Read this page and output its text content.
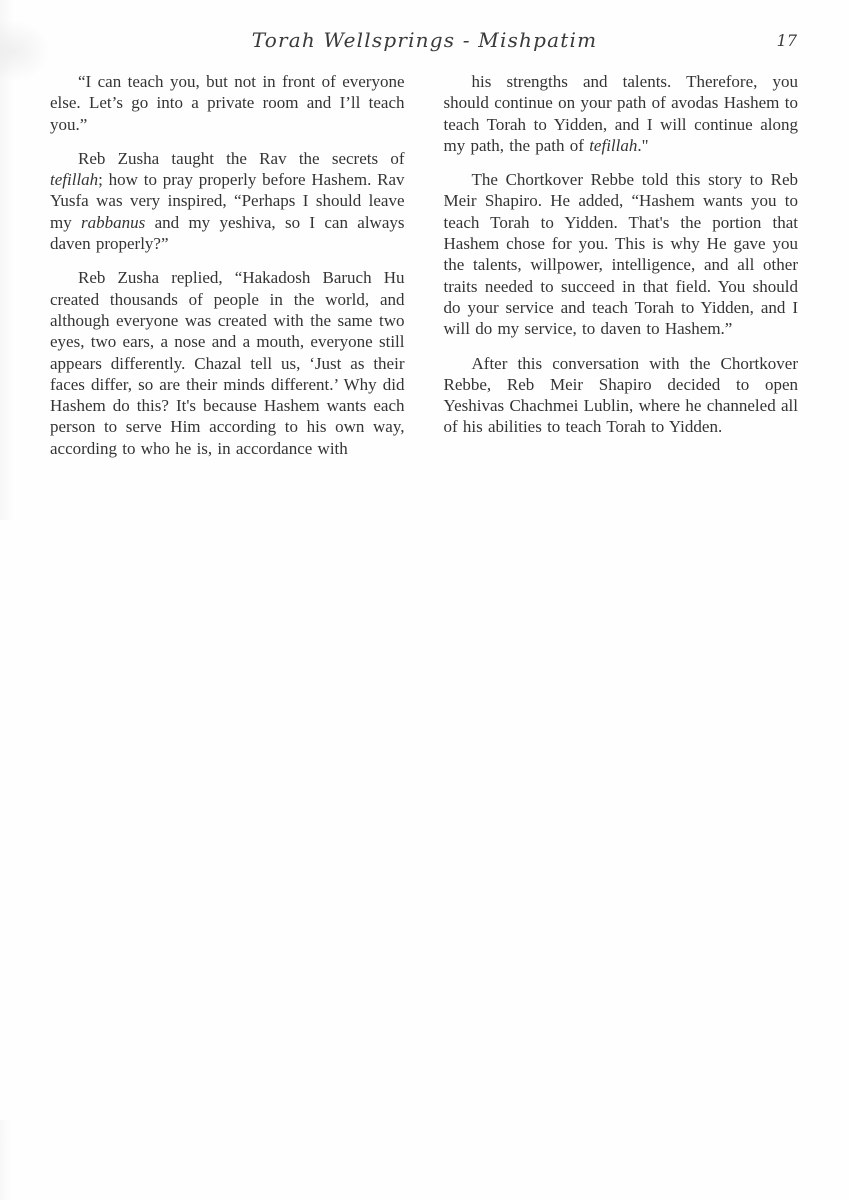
Torah Wellsprings - Mishpatim	17

“I can teach you, but not in front of everyone else. Let’s go into a private room and I’ll teach you.”

Reb Zusha taught the Rav the secrets of tefillah; how to pray properly before Hashem. Rav Yusfa was very inspired, “Perhaps I should leave my rabbanus and my yeshiva, so I can always daven properly?”

Reb Zusha replied, “Hakadosh Baruch Hu created thousands of people in the world, and although everyone was created with the same two eyes, two ears, a nose and a mouth, everyone still appears differently. Chazal tell us, ‘Just as their faces differ, so are their minds different.’ Why did Hashem do this? It's because Hashem wants each person to serve Him according to his own way, according to who he is, in accordance with

his strengths and talents. Therefore, you should continue on your path of avodas Hashem to teach Torah to Yidden, and I will continue along my path, the path of tefillah."

The Chortkover Rebbe told this story to Reb Meir Shapiro. He added, “Hashem wants you to teach Torah to Yidden. That's the portion that Hashem chose for you. This is why He gave you the talents, willpower, intelligence, and all other traits needed to succeed in that field. You should do your service and teach Torah to Yidden, and I will do my service, to daven to Hashem.”

After this conversation with the Chortkover Rebbe, Reb Meir Shapiro decided to open Yeshivas Chachmei Lublin, where he channeled all of his abilities to teach Torah to Yidden.
